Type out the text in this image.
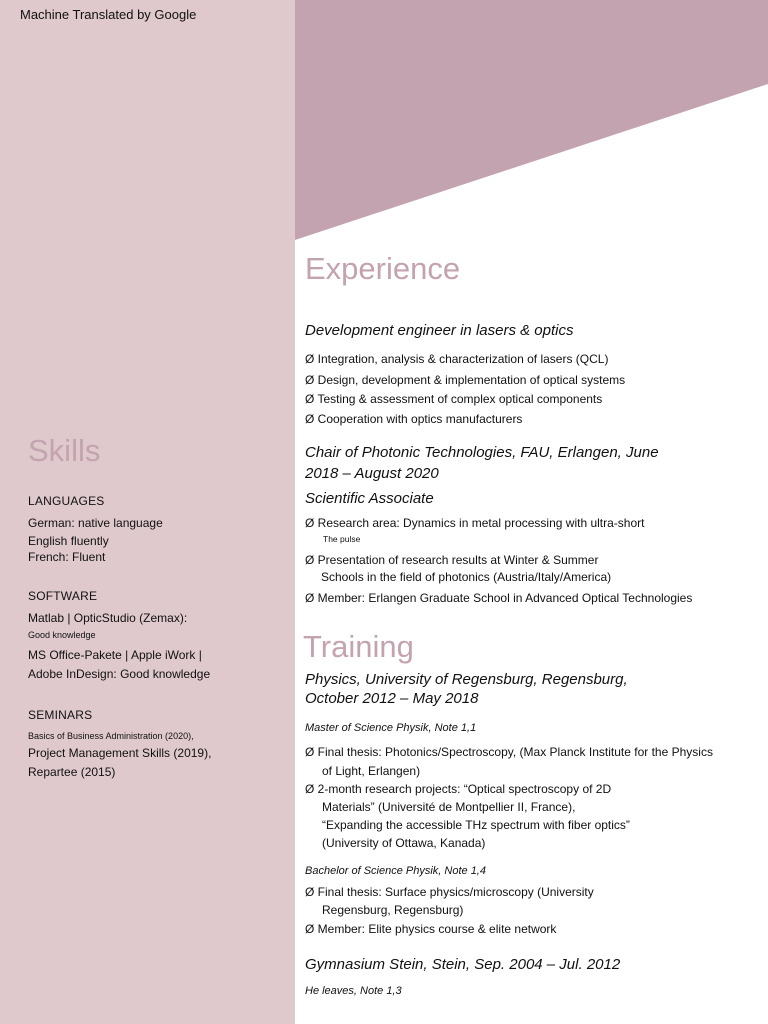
Machine Translated by Google
Skills
LANGUAGES
German: native language
English fluently
French: Fluent
SOFTWARE
Matlab | OpticStudio (Zemax):
Good knowledge
MS Office-Pakete | Apple iWork |
Adobe InDesign: Good knowledge
SEMINARS
Basics of Business Administration (2020),
Project Management Skills (2019),
Repartee (2015)
Experience
Development engineer in lasers & optics
Ø Integration, analysis & characterization of lasers (QCL)
Ø Design, development & implementation of optical systems
Ø Testing & assessment of complex optical components
Ø Cooperation with optics manufacturers
Chair of Photonic Technologies, FAU, Erlangen, June
2018 – August 2020
Scientific Associate
Ø Research area: Dynamics in metal processing with ultra-short
The pulse
Ø Presentation of research results at Winter & Summer
Schools in the field of photonics (Austria/Italy/America)
Ø Member: Erlangen Graduate School in Advanced Optical Technologies
Training
Physics, University of Regensburg, Regensburg,
October 2012 – May 2018
Master of Science Physik, Note 1,1
Ø Final thesis: Photonics/Spectroscopy, (Max Planck Institute for the Physics
of Light, Erlangen)
Ø 2-month research projects: “Optical spectroscopy of 2D
Materials” (Université de Montpellier II, France),
“Expanding the accessible THz spectrum with fiber optics”
(University of Ottawa, Kanada)
Bachelor of Science Physik, Note 1,4
Ø Final thesis: Surface physics/microscopy (University
Regensburg, Regensburg)
Ø Member: Elite physics course & elite network
Gymnasium Stein, Stein, Sep. 2004 – Jul. 2012
He leaves, Note 1,3
